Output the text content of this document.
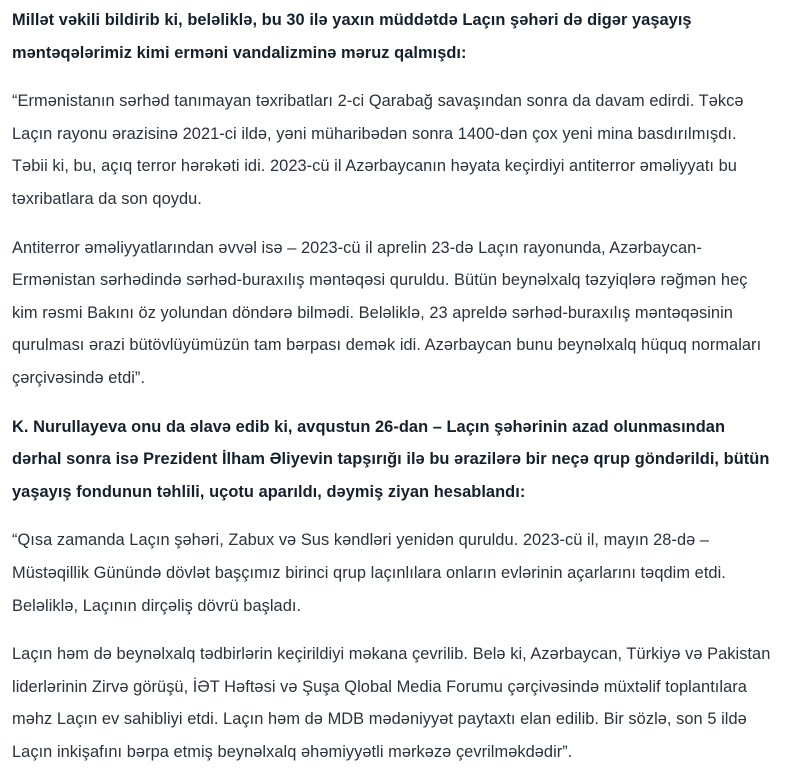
Millət vəkili bildirib ki, beləliklə, bu 30 ilə yaxın müddətdə Laçın şəhəri də digər yaşayış məntəqələrimiz kimi erməni vandalizminə məruz qalmışdı:

“Ermənistanın sərhəd tanımayan təxribatları 2-ci Qarabağ savaşından sonra da davam edirdi. Təkcə Laçın rayonu ərazisinə 2021-ci ildə, yəni müharibədən sonra 1400-dən çox yeni mina basdırılmışdı. Təbii ki, bu, açıq terror hərəkəti idi. 2023-cü il Azərbaycanın həyata keçirdiyi antiterror əməliyyatı bu təxribatlara da son qoydu.

Antiterror əməliyyatlarından əvvəl isə – 2023-cü il aprelin 23-də Laçın rayonunda, Azərbaycan-Ermənistan sərhədində sərhəd-buraxılış məntəqəsi quruldu. Bütün beynəlxalq təzyiqlərə rəğmən heç kim rəsmi Bakını öz yolundan döndərə bilmədi. Beləliklə, 23 apreldə sərhəd-buraxılış məntəqəsinin qurulması ərazi bütövlüyümüzün tam bərpası demək idi. Azərbaycan bunu beynəlxalq hüquq normaları çərçivəsində etdi”.

K. Nurullayeva onu da əlavə edib ki, avqustun 26-dan – Laçın şəhərinin azad olunmasından dərhal sonra isə Prezident İlham Əliyevin tapşırığı ilə bu ərazilərə bir neçə qrup göndərildi, bütün yaşayış fondunun təhlili, uçotu aparıldı, dəymiş ziyan hesablandı:

“Qısa zamanda Laçın şəhəri, Zabux və Sus kəndləri yenidən quruldu. 2023-cü il, mayın 28-də – Müstəqillik Günündə dövlət başçımız birinci qrup laçınlılara onların evlərinin açarlarını təqdim etdi. Beləliklə, Laçının dirçəliş dövrü başladı.

Laçın həm də beynəlxalq tədbirlərin keçirildiyi məkana çevrilib. Belə ki, Azərbaycan, Türkiyə və Pakistan liderlərinin Zirvə görüşü, İƏT Həftəsi və Şuşa Qlobal Media Forumu çərçivəsində müxtəlif toplantılara məhz Laçın ev sahibliyi etdi. Laçın həm də MDB mədəniyyət paytaxtı elan edilib. Bir sözlə, son 5 ildə Laçın inkişafını bərpa etmiş beynəlxalq əhəmiyyətli mərkəzə çevrilməkdədir”.
